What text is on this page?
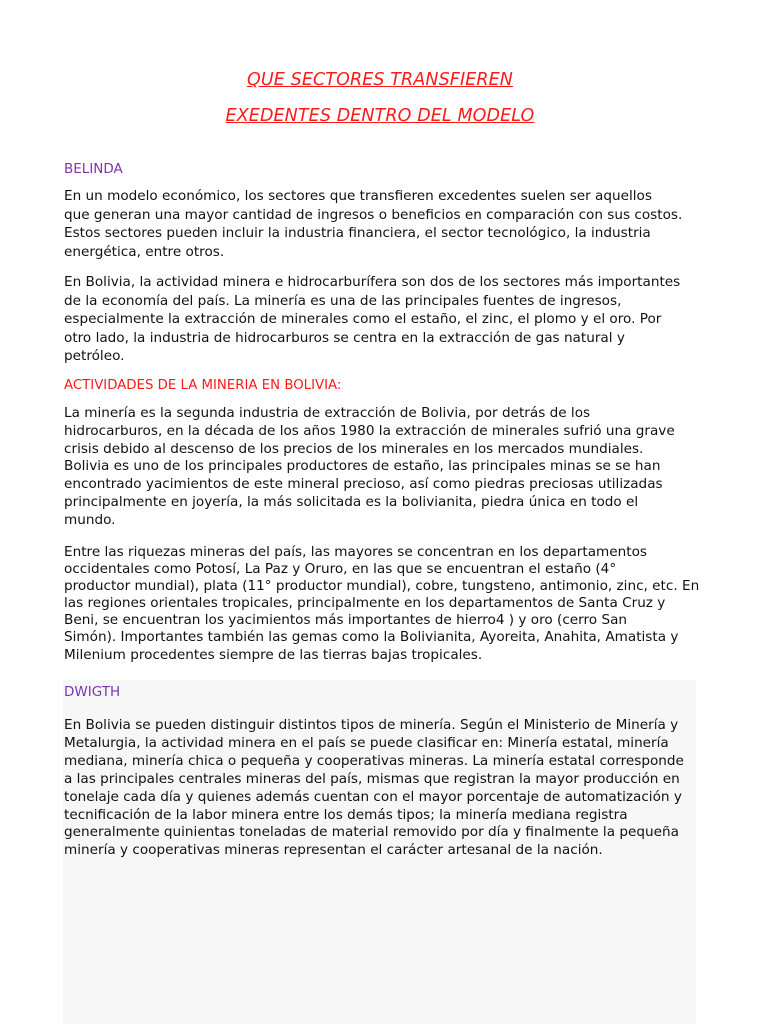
QUE SECTORES TRANSFIEREN
EXEDENTES DENTRO DEL MODELO
BELINDA

En un modelo económico, los sectores que transfieren excedentes suelen ser aquellos
que generan una mayor cantidad de ingresos o beneficios en comparación con sus costos.
Estos sectores pueden incluir la industria financiera, el sector tecnológico, la industria
energética, entre otros.

En Bolivia, la actividad minera e hidrocarburífera son dos de los sectores más importantes
de la economía del país. La minería es una de las principales fuentes de ingresos,
especialmente la extracción de minerales como el estaño, el zinc, el plomo y el oro. Por
otro lado, la industria de hidrocarburos se centra en la extracción de gas natural y
petróleo.

ACTIVIDADES DE LA MINERIA EN BOLIVIA:

La minería es la segunda industria de extracción de Bolivia, por detrás de los
hidrocarburos, en la década de los años 1980 la extracción de minerales sufrió una grave
crisis debido al descenso de los precios de los minerales en los mercados mundiales.
Bolivia es uno de los principales productores de estaño, las principales minas se se han
encontrado yacimientos de este mineral precioso, así como piedras preciosas utilizadas
principalmente en joyería, la más solicitada es la bolivianita, piedra única en todo el
mundo.

Entre las riquezas mineras del país, las mayores se concentran en los departamentos
occidentales como Potosí, La Paz y Oruro, en las que se encuentran el estaño (4°
productor mundial), plata (11° productor mundial), cobre, tungsteno, antimonio, zinc, etc. En
las regiones orientales tropicales, principalmente en los departamentos de Santa Cruz y
Beni, se encuentran los yacimientos más importantes de hierro4 ) y oro (cerro San
Simón). Importantes también las gemas como la Bolivianita, Ayoreita, Anahita, Amatista y
Milenium procedentes siempre de las tierras bajas tropicales.

DWIGTH

En Bolivia se pueden distinguir distintos tipos de minería. Según el Ministerio de Minería y
Metalurgia, la actividad minera en el país se puede clasificar en: Minería estatal, minería
mediana, minería chica o pequeña y cooperativas mineras. La minería estatal corresponde
a las principales centrales mineras del país, mismas que registran la mayor producción en
tonelaje cada día y quienes además cuentan con el mayor porcentaje de automatización y
tecnificación de la labor minera entre los demás tipos; la minería mediana registra
generalmente quinientas toneladas de material removido por día y finalmente la pequeña
minería y cooperativas mineras representan el carácter artesanal de la nación.
